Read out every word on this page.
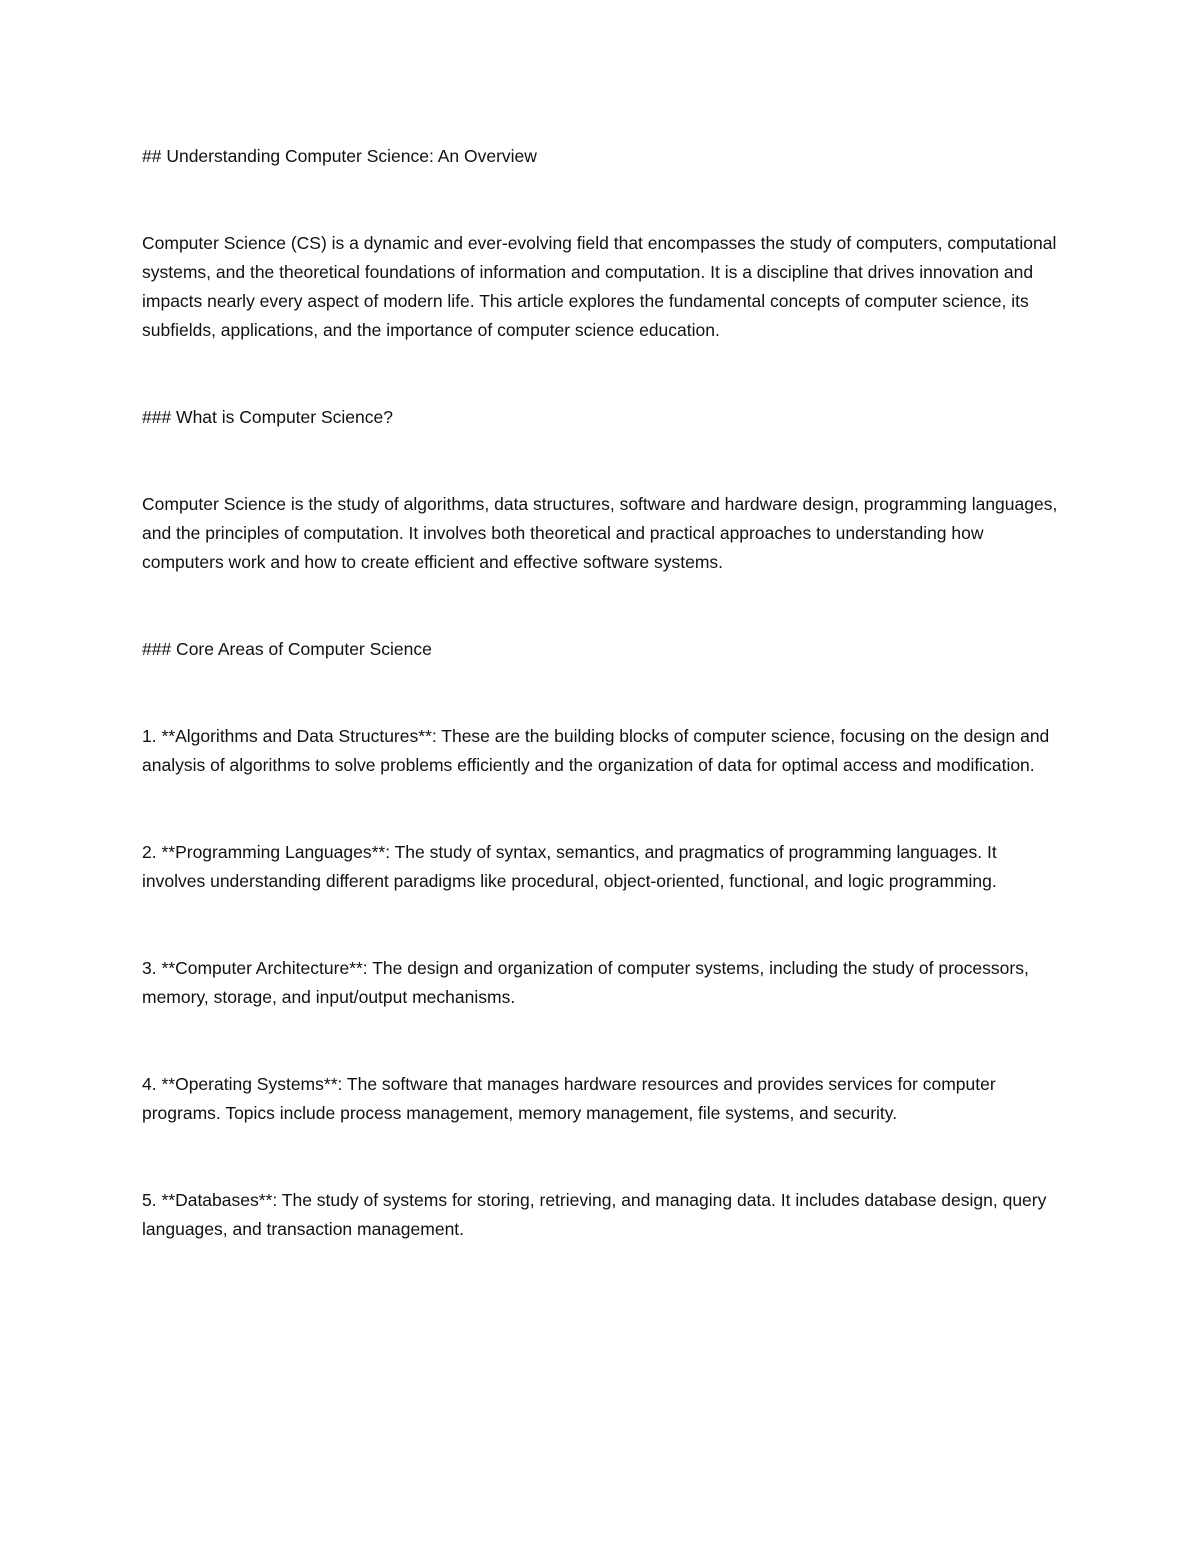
## Understanding Computer Science: An Overview

Computer Science (CS) is a dynamic and ever-evolving field that encompasses the study of computers, computational systems, and the theoretical foundations of information and computation. It is a discipline that drives innovation and impacts nearly every aspect of modern life. This article explores the fundamental concepts of computer science, its subfields, applications, and the importance of computer science education.

### What is Computer Science?

Computer Science is the study of algorithms, data structures, software and hardware design, programming languages, and the principles of computation. It involves both theoretical and practical approaches to understanding how computers work and how to create efficient and effective software systems.

### Core Areas of Computer Science

1. **Algorithms and Data Structures**: These are the building blocks of computer science, focusing on the design and analysis of algorithms to solve problems efficiently and the organization of data for optimal access and modification.

2. **Programming Languages**: The study of syntax, semantics, and pragmatics of programming languages. It involves understanding different paradigms like procedural, object-oriented, functional, and logic programming.

3. **Computer Architecture**: The design and organization of computer systems, including the study of processors, memory, storage, and input/output mechanisms.

4. **Operating Systems**: The software that manages hardware resources and provides services for computer programs. Topics include process management, memory management, file systems, and security.

5. **Databases**: The study of systems for storing, retrieving, and managing data. It includes database design, query languages, and transaction management.
